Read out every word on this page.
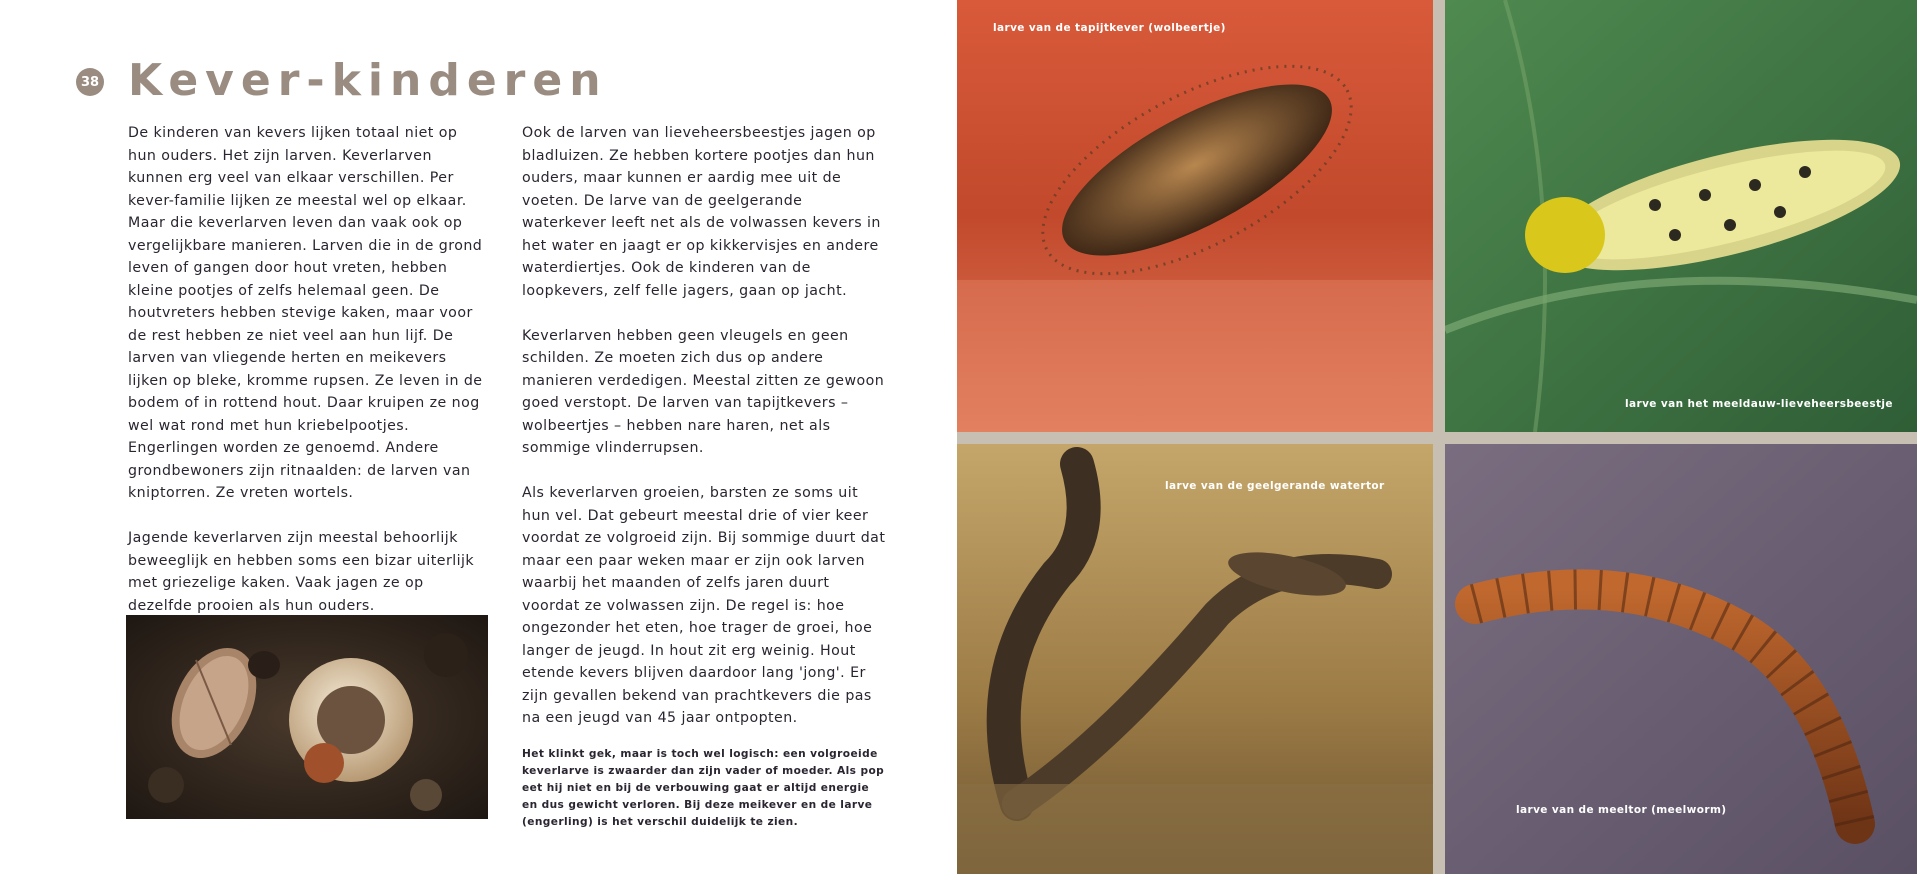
38 Kever-kinderen

De kinderen van kevers lijken totaal niet op hun ouders. Het zijn larven. Keverlarven kunnen erg veel van elkaar verschillen. Per kever-familie lijken ze meestal wel op elkaar. Maar die keverlarven leven dan vaak ook op vergelijkbare manieren. Larven die in de grond leven of gangen door hout vreten, hebben kleine pootjes of zelfs helemaal geen. De houtvreters hebben stevige kaken, maar voor de rest hebben ze niet veel aan hun lijf. De larven van vliegende herten en meikevers lijken op bleke, kromme rupsen. Ze leven in de bodem of in rottend hout. Daar kruipen ze nog wel wat rond met hun kriebelpootjes. Engerlingen worden ze genoemd. Andere grondbewoners zijn ritnaalden: de larven van kniptorren. Ze vreten wortels.

Jagende keverlarven zijn meestal behoorlijk beweeglijk en hebben soms een bizar uiterlijk met griezelige kaken. Vaak jagen ze op dezelfde prooien als hun ouders.

Ook de larven van lieveheersbeestjes jagen op bladluizen. Ze hebben kortere pootjes dan hun ouders, maar kunnen er aardig mee uit de voeten. De larve van de geelgerande waterkever leeft net als de volwassen kevers in het water en jaagt er op kikkervisjes en andere waterdiertjes. Ook de kinderen van de loopkevers, zelf felle jagers, gaan op jacht.

Keverlarven hebben geen vleugels en geen schilden. Ze moeten zich dus op andere manieren verdedigen. Meestal zitten ze gewoon goed verstopt. De larven van tapijtkevers – wolbeertjes – hebben nare haren, net als sommige vlinderrupsen.

Als keverlarven groeien, barsten ze soms uit hun vel. Dat gebeurt meestal drie of vier keer voordat ze volgroeid zijn. Bij sommige duurt dat maar een paar weken maar er zijn ook larven waarbij het maanden of zelfs jaren duurt voordat ze volwassen zijn. De regel is: hoe ongezonder het eten, hoe trager de groei, hoe langer de jeugd. In hout zit erg weinig. Hout etende kevers blijven daardoor lang 'jong'. Er zijn gevallen bekend van prachtkevers die pas na een jeugd van 45 jaar ontpopten.

Het klinkt gek, maar is toch wel logisch: een volgroeide keverlarve is zwaarder dan zijn vader of moeder. Als pop eet hij niet en bij de verbouwing gaat er altijd energie en dus gewicht verloren. Bij deze meikever en de larve (engerling) is het verschil duidelijk te zien.

larve van de tapijtkever (wolbeertje)
larve van het meeldauw-lieveheersbeestje
larve van de geelgerande watertor
larve van de meeltor (meelworm)
